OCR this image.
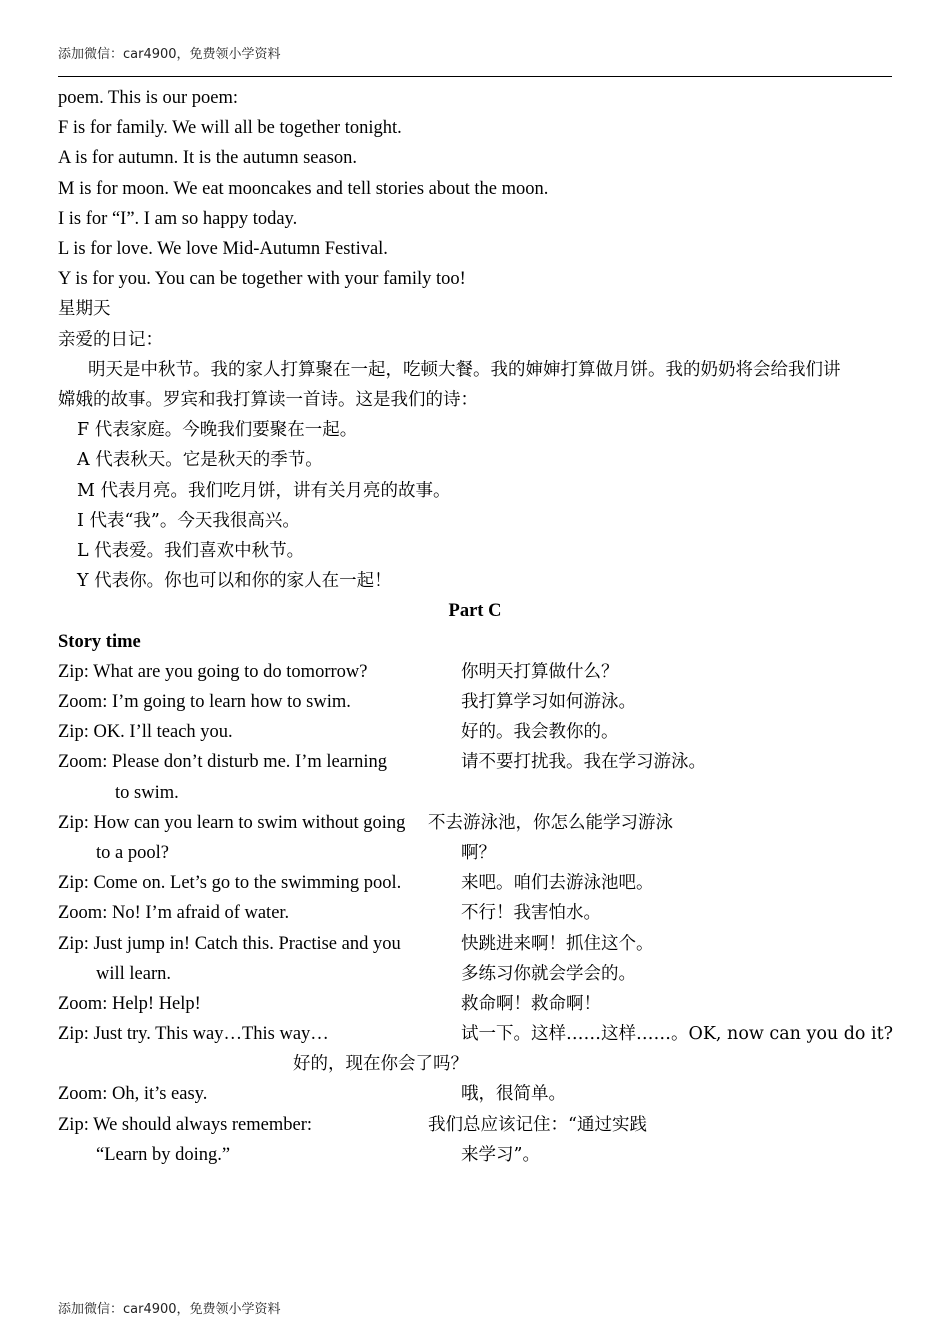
添加微信：car4900，免费领小学资料
poem. This is our poem:
F is for family. We will all be together tonight.
A is for autumn. It is the autumn season.
M is for moon. We eat mooncakes and tell stories about the moon.
I is for “I”. I am so happy today.
L is for love. We love Mid-Autumn Festival.
Y is for you. You can be together with your family too!
星期天
亲爱的日记：
明天是中秋节。我的家人打算聚在一起，吃顿大餐。我的婶婶打算做月饼。我的奶奶将会给我们讲
嫦娥的故事。罗宾和我打算读一首诗。这是我们的诗：
F 代表家庭。今晚我们要聚在一起。
A 代表秋天。它是秋天的季节。
M 代表月亮。我们吃月饼，讲有关月亮的故事。
I 代表“我”。今天我很高兴。
L 代表爱。我们喜欢中秋节。
Y 代表你。你也可以和你的家人在一起！
Part C
Story time
Zip: What are you going to do tomorrow?	你明天打算做什么？
Zoom: I’m going to learn how to swim.	我打算学习如何游泳。
Zip: OK. I’ll teach you.	好的。我会教你的。
Zoom: Please don’t disturb me. I’m learning	请不要打扰我。我在学习游泳。
to swim.
Zip: How can you learn to swim without going 不去游泳池，你怎么能学习游泳
to a pool?	啊？
Zip: Come on. Let’s go to the swimming pool.	来吧。咱们去游泳池吧。
Zoom: No! I’m afraid of water.	不行！我害怕水。
Zip: Just jump in! Catch this. Practise and you	快跳进来啊！抓住这个。
will learn.	多练习你就会学会的。
Zoom: Help! Help!	救命啊！救命啊！
Zip: Just try. This way…This way…	试一下。这样……这样……。OK, now can you do it?
好的，现在你会了吗？
Zoom: Oh, it’s easy.	哦，很简单。
Zip: We should always remember:	我们总应该记住：“通过实践
“Learn by doing.”	来学习”。
添加微信：car4900，免费领小学资料
